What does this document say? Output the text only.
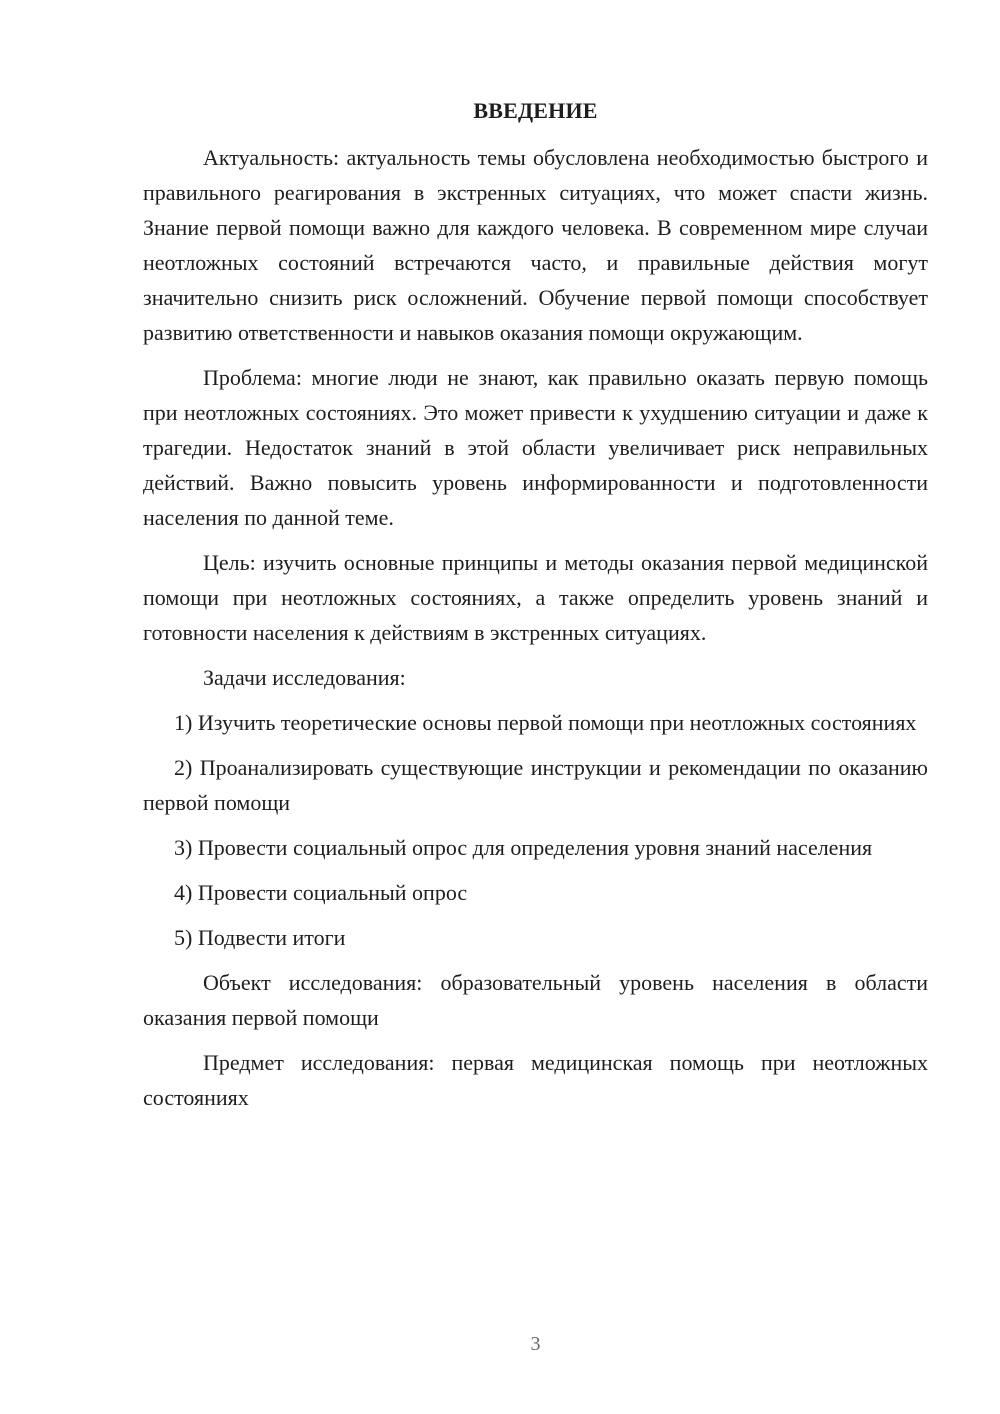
ВВЕДЕНИЕ

Актуальность: актуальность темы обусловлена необходимостью быстрого и правильного реагирования в экстренных ситуациях, что может спасти жизнь. Знание первой помощи важно для каждого человека. В современном мире случаи неотложных состояний встречаются часто, и правильные действия могут значительно снизить риск осложнений. Обучение первой помощи способствует развитию ответственности и навыков оказания помощи окружающим.

Проблема: многие люди не знают, как правильно оказать первую помощь при неотложных состояниях. Это может привести к ухудшению ситуации и даже к трагедии. Недостаток знаний в этой области увеличивает риск неправильных действий. Важно повысить уровень информированности и подготовленности населения по данной теме.

Цель: изучить основные принципы и методы оказания первой медицинской помощи при неотложных состояниях, а также определить уровень знаний и готовности населения к действиям в экстренных ситуациях.

Задачи исследования:

1) Изучить теоретические основы первой помощи при неотложных состояниях

2) Проанализировать существующие инструкции и рекомендации по оказанию первой помощи

3) Провести социальный опрос для определения уровня знаний населения

4) Провести социальный опрос

5) Подвести итоги

Объект исследования: образовательный уровень населения в области оказания первой помощи

Предмет исследования: первая медицинская помощь при неотложных состояниях

3
